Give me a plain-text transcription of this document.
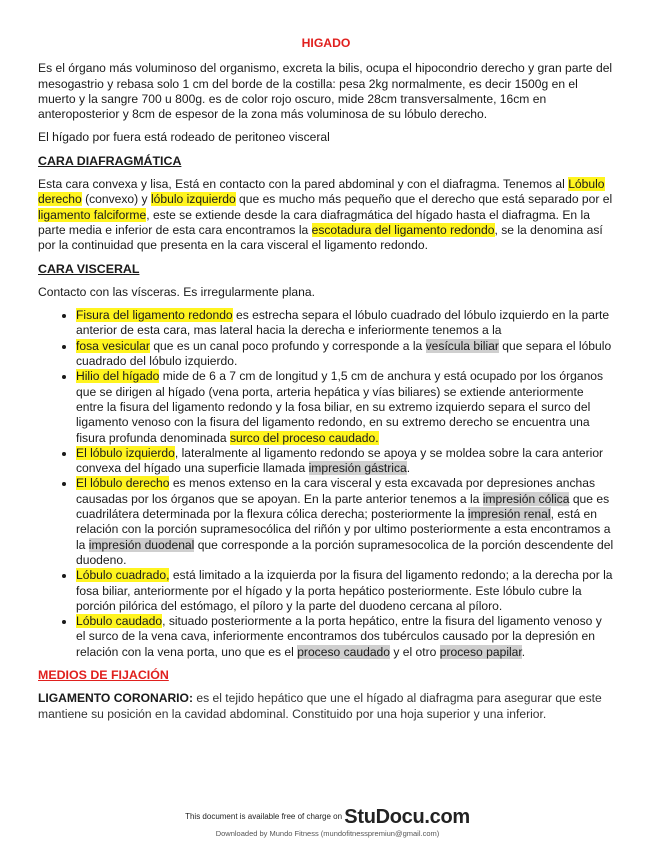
HIGADO

Es el órgano más voluminoso del organismo, excreta la bilis, ocupa el hipocondrio derecho y gran parte del mesogastrio y rebasa solo 1 cm del borde de la costilla: pesa 2kg normalmente, es decir 1500g en el muerto y la sangre 700 u 800g. es de color rojo oscuro, mide 28cm transversalmente, 16cm en anteroposterior y 8cm de espesor de la zona más voluminosa de su lóbulo derecho.

El hígado por fuera está rodeado de peritoneo visceral

CARA DIAFRAGMÁTICA

Esta cara convexa y lisa, Está en contacto con la pared abdominal y con el diafragma. Tenemos al Lóbulo derecho (convexo) y lóbulo izquierdo que es mucho más pequeño que el derecho que está separado por el ligamento falciforme, este se extiende desde la cara diafragmática del hígado hasta el diafragma. En la parte media e inferior de esta cara encontramos la escotadura del ligamento redondo, se la denomina así por la continuidad que presenta en la cara visceral el ligamento redondo.

CARA VISCERAL

Contacto con las vísceras. Es irregularmente plana.

• Fisura del ligamento redondo es estrecha separa el lóbulo cuadrado del lóbulo izquierdo en la parte anterior de esta cara, mas lateral hacia la derecha e inferiormente tenemos a la
• fosa vesicular que es un canal poco profundo y corresponde a la vesícula biliar que separa el lóbulo cuadrado del lóbulo izquierdo.
• Hilio del hígado mide de 6 a 7 cm de longitud y 1,5 cm de anchura y está ocupado por los órganos que se dirigen al hígado (vena porta, arteria hepática y vías biliares) se extiende anteriormente entre la fisura del ligamento redondo y la fosa biliar, en su extremo izquierdo separa el surco del ligamento venoso con la fisura del ligamento redondo, en su extremo derecho se encuentra una fisura profunda denominada surco del proceso caudado.
• El lóbulo izquierdo, lateralmente al ligamento redondo se apoya y se moldea sobre la cara anterior convexa del hígado una superficie llamada impresión gástrica.
• El lóbulo derecho es menos extenso en la cara visceral y esta excavada por depresiones anchas causadas por los órganos que se apoyan. En la parte anterior tenemos a la impresión cólica que es cuadrilátera determinada por la flexura cólica derecha; posteriormente la impresión renal, está en relación con la porción supramesocólica del riñón y por ultimo posteriormente a esta encontramos a la impresión duodenal que corresponde a la porción supramesocolica de la porción descendente del duodeno.
• Lóbulo cuadrado, está limitado a la izquierda por la fisura del ligamento redondo; a la derecha por la fosa biliar, anteriormente por el hígado y la porta hepático posteriormente. Este lóbulo cubre la porción pilórica del estómago, el píloro y la parte del duodeno cercana al píloro.
• Lóbulo caudado, situado posteriormente a la porta hepático, entre la fisura del ligamento venoso y el surco de la vena cava, inferiormente encontramos dos tubérculos causado por la depresión en relación con la vena porta, uno que es el proceso caudado y el otro proceso papilar.
MEDIOS DE FIJACIÓN

LIGAMENTO CORONARIO: es el tejido hepático que une el hígado al diafragma para asegurar que este mantiene su posición en la cavidad abdominal. Constituido por una hoja superior y una inferior.

This document is available free of charge on StuDocu.com
Downloaded by Mundo Fitness (mundofitnesspremiun@gmail.com)
